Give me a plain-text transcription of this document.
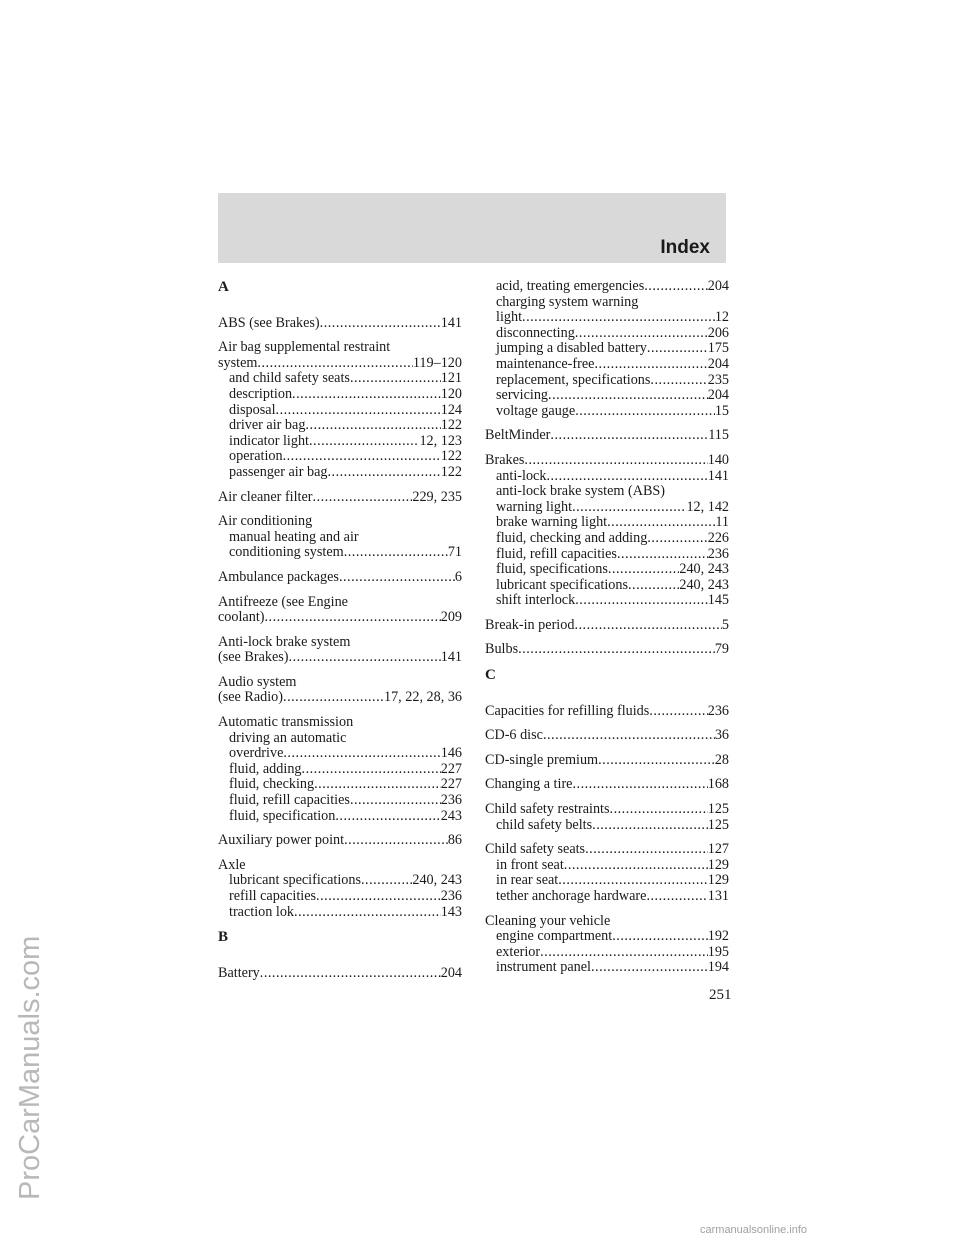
Index
A
ABS (see Brakes) .....	141
Air bag supplemental restraint
system .....	119–120
and child safety seats .....	121
description .....	120
disposal .....	124
driver air bag .....	122
indicator light .....	12, 123
operation .....	122
passenger air bag .....	122
Air cleaner filter .....	229, 235
Air conditioning
manual heating and air
conditioning system .....	71
Ambulance packages .....	6
Antifreeze (see Engine
coolant) .....	209
Anti-lock brake system
(see Brakes) .....	141
Audio system
(see Radio) .....	17, 22, 28, 36
Automatic transmission
driving an automatic
overdrive .....	146
fluid, adding .....	227
fluid, checking .....	227
fluid, refill capacities .....	236
fluid, specification .....	243
Auxiliary power point .....	86
Axle
lubricant specifications .....	240, 243
refill capacities .....	236
traction lok .....	143
B
Battery .....	204
acid, treating emergencies .....	204
charging system warning
light .....	12
disconnecting .....	206
jumping a disabled battery .....	175
maintenance-free .....	204
replacement, specifications .....	235
servicing .....	204
voltage gauge .....	15
BeltMinder .....	115
Brakes .....	140
anti-lock .....	141
anti-lock brake system (ABS)
warning light .....	12, 142
brake warning light .....	11
fluid, checking and adding .....	226
fluid, refill capacities .....	236
fluid, specifications .....	240, 243
lubricant specifications .....	240, 243
shift interlock .....	145
Break-in period .....	5
Bulbs .....	79
C
Capacities for refilling fluids .....	236
CD-6 disc .....	36
CD-single premium .....	28
Changing a tire .....	168
Child safety restraints .....	125
child safety belts .....	125
Child safety seats .....	127
in front seat .....	129
in rear seat .....	129
tether anchorage hardware .....	131
Cleaning your vehicle
engine compartment .....	192
exterior .....	195
instrument panel .....	194
251
ProCarManuals.com
carmanualsonline.info
